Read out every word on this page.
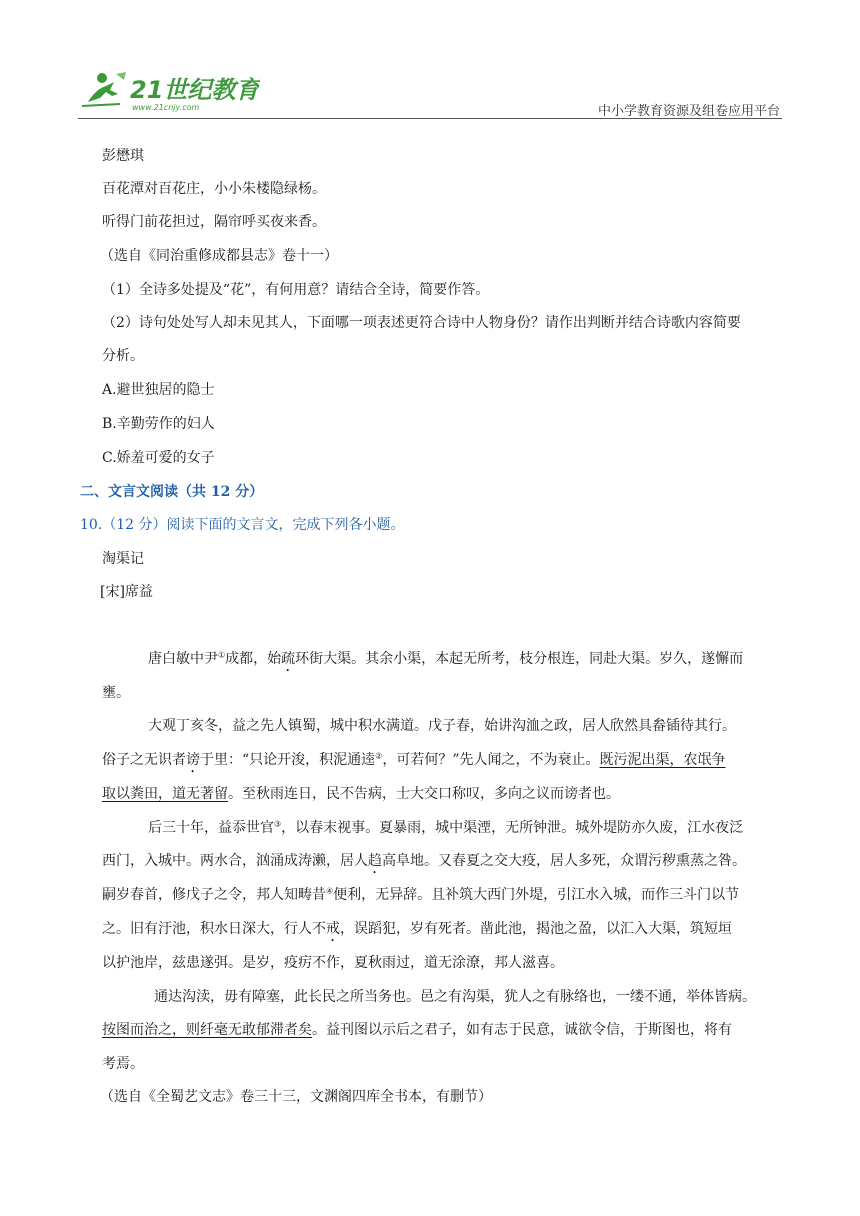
21世纪教育
www.21cnjy.com	中小学教育资源及组卷应用平台
彭懋琪
百花潭对百花庄，小小朱楼隐绿杨。
听得门前花担过，隔帘呼买夜来香。
（选自《同治重修成都县志》卷十一）
（1）全诗多处提及“花”，有何用意？请结合全诗，简要作答。
（2）诗句处处写人却未见其人，下面哪一项表述更符合诗中人物身份？请作出判断并结合诗歌内容简要
分析。
A.避世独居的隐士
B.辛勤劳作的妇人
C.娇羞可爱的女子
二、文言文阅读（共 12 分）
10.（12 分）阅读下面的文言文，完成下列各小题。
淘渠记
[宋]席益
唐白敏中尹①成都，始疏环街大渠。其余小渠，本起无所考，枝分根连，同赴大渠。岁久，遂懈而
壅。
大观丁亥冬，益之先人镇蜀，城中积水满道。戊子春，始讲沟洫之政，居人欣然具畚锸待其行。
俗子之无识者谤于里：“只论开浚，积泥通逵②，可若何？”先人闻之，不为衰止。既污泥出渠，农氓争
取以粪田，道无著留。至秋雨连日，民不告病，士大交口称叹，多向之议而谤者也。
后三十年，益忝世官③，以春末视事。夏暴雨，城中渠湮，无所钟泄。城外堤防亦久废，江水夜泛
西门，入城中。两水合，汹涌成涛濑，居人趋高阜地。又春夏之交大疫，居人多死，众谓污秽熏蒸之咎。
嗣岁春首，修戊子之令，邦人知畴昔④便利，无异辞。且补筑大西门外堤，引江水入城，而作三斗门以节
之。旧有汙池，积水日深大，行人不戒，误蹈犯，岁有死者。凿此池，揭池之盈，以汇入大渠，筑短垣
以护池岸，兹患遂弭。是岁，疫疠不作，夏秋雨过，道无涂潦，邦人滋喜。
通达沟渎，毋有障塞，此长民之所当务也。邑之有沟渠，犹人之有脉络也，一缕不通，举体皆病。
按图而治之，则纤毫无敢郁滞者矣。益刊图以示后之君子，如有志于民意，诚欲令信，于斯图也，将有
考焉。
（选自《全蜀艺文志》卷三十三，文渊阁四库全书本，有删节）
